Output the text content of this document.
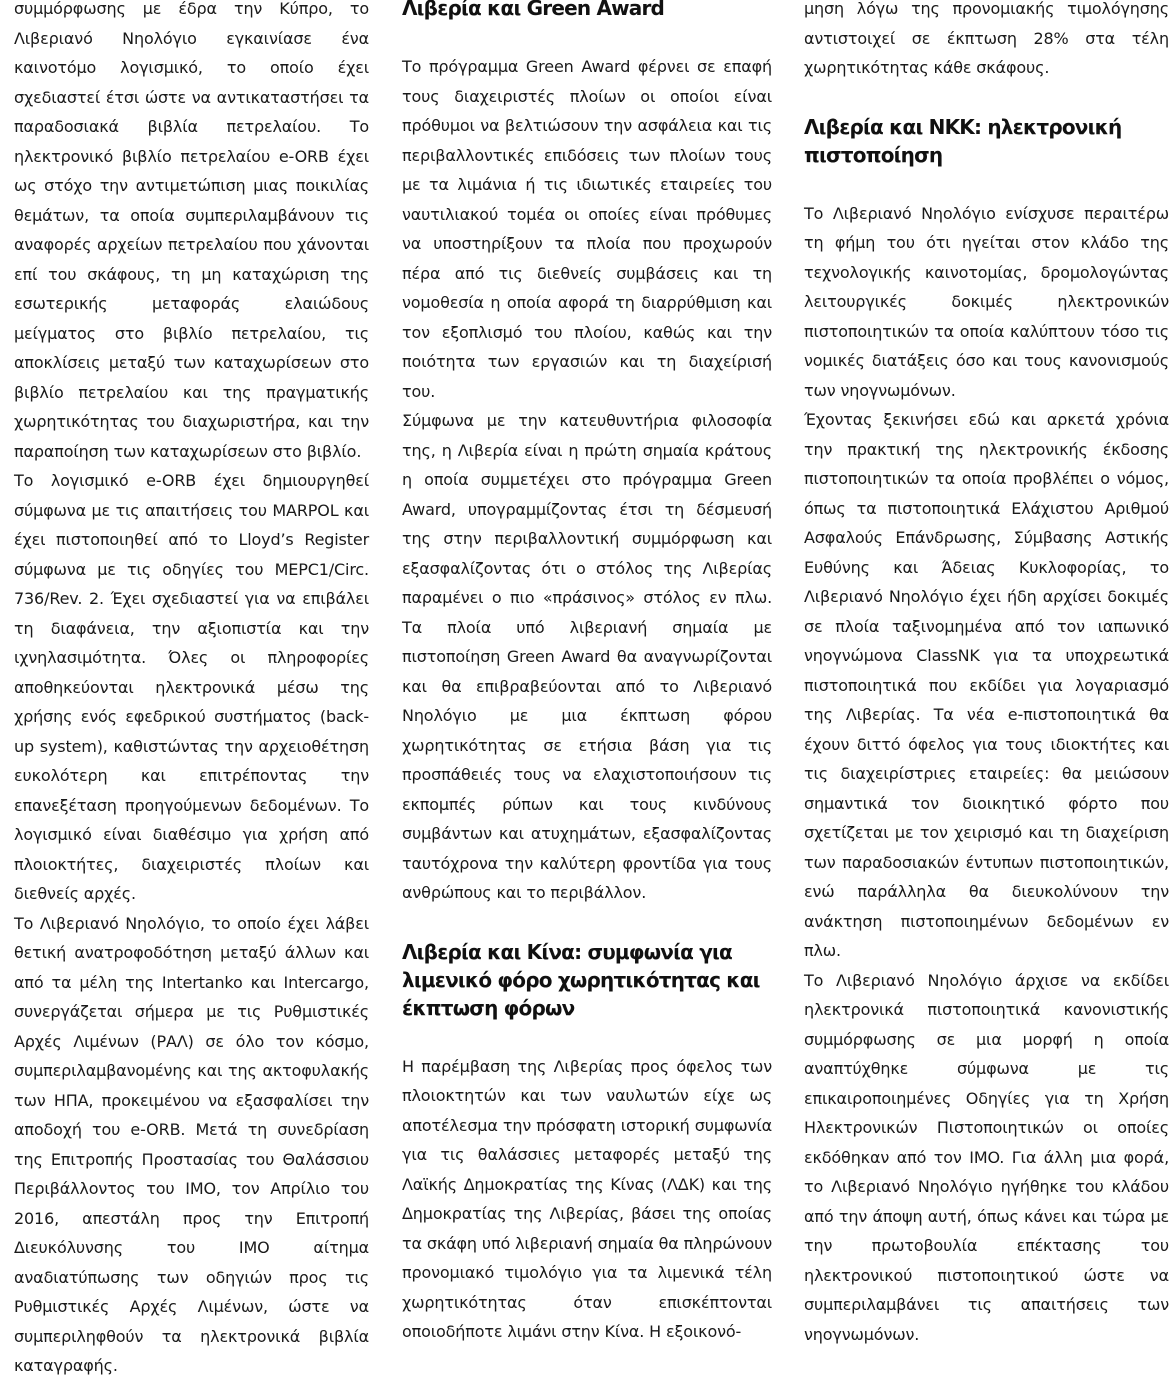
συμμόρφωσης με έδρα την Κύπρο, το Λιβεριανό Νηολόγιο εγκαινίασε ένα καινοτόμο λογισμικό, το οποίο έχει σχεδιαστεί έτσι ώστε να αντικαταστήσει τα παραδοσιακά βιβλία πετρελαίου. Το ηλεκτρονικό βιβλίο πετρελαίου e-ORB έχει ως στόχο την αντιμετώπιση μιας ποικιλίας θεμάτων, τα οποία συμπεριλαμβάνουν τις αναφορές αρχείων πετρελαίου που χάνονται επί του σκάφους, τη μη καταχώριση της εσωτερικής μεταφοράς ελαιώδους μείγματος στο βιβλίο πετρελαίου, τις αποκλίσεις μεταξύ των καταχωρίσεων στο βιβλίο πετρελαίου και της πραγματικής χωρητικότητας του διαχωριστήρα, και την παραποίηση των καταχωρίσεων στο βιβλίο.

Το λογισμικό e-ORB έχει δημιουργηθεί σύμφωνα με τις απαιτήσεις του MARPOL και έχει πιστοποιηθεί από το Lloyd’s Register σύμφωνα με τις οδηγίες του MEPC1/Circ. 736/Rev. 2. Έχει σχεδιαστεί για να επιβάλει τη διαφάνεια, την αξιοπιστία και την ιχνηλασιμότητα. Όλες οι πληροφορίες αποθηκεύονται ηλεκτρονικά μέσω της χρήσης ενός εφεδρικού συστήματος (back-up system), καθιστώντας την αρχειοθέτηση ευκολότερη και επιτρέποντας την επανεξέταση προηγούμενων δεδομένων. Το λογισμικό είναι διαθέσιμο για χρήση από πλοιοκτήτες, διαχειριστές πλοίων και διεθνείς αρχές.

Το Λιβεριανό Νηολόγιο, το οποίο έχει λάβει θετική ανατροφοδότηση μεταξύ άλλων και από τα μέλη της Intertanko και Intercargo, συνεργάζεται σήμερα με τις Ρυθμιστικές Αρχές Λιμένων (ΡΑΛ) σε όλο τον κόσμο, συμπεριλαμβανομένης και της ακτοφυλακής των ΗΠΑ, προκειμένου να εξασφαλίσει την αποδοχή του e-ORB. Μετά τη συνεδρίαση της Επιτροπής Προστασίας του Θαλάσσιου Περιβάλλοντος του IMO, τον Απρίλιο του 2016, απεστάλη προς την Επιτροπή Διευκόλυνσης του IMO αίτημα αναδιατύπωσης των οδηγιών προς τις Ρυθμιστικές Αρχές Λιμένων, ώστε να συμπεριληφθούν τα ηλεκτρονικά βιβλία καταγραφής.

Λιβερία και Green Award

Το πρόγραμμα Green Award φέρνει σε επαφή τους διαχειριστές πλοίων οι οποίοι είναι πρόθυμοι να βελτιώσουν την ασφάλεια και τις περιβαλλοντικές επιδόσεις των πλοίων τους με τα λιμάνια ή τις ιδιωτικές εταιρείες του ναυτιλιακού τομέα οι οποίες είναι πρόθυμες να υποστηρίξουν τα πλοία που προχωρούν πέρα από τις διεθνείς συμβάσεις και τη νομοθεσία η οποία αφορά τη διαρρύθμιση και τον εξοπλισμό του πλοίου, καθώς και την ποιότητα των εργασιών και τη διαχείρισή του.

Σύμφωνα με την κατευθυντήρια φιλοσοφία της, η Λιβερία είναι η πρώτη σημαία κράτους η οποία συμμετέχει στο πρόγραμμα Green Award, υπογραμμίζοντας έτσι τη δέσμευσή της στην περιβαλλοντική συμμόρφωση και εξασφαλίζοντας ότι ο στόλος της Λιβερίας παραμένει ο πιο «πράσινος» στόλος εν πλω. Τα πλοία υπό λιβεριανή σημαία με πιστοποίηση Green Award θα αναγνωρίζονται και θα επιβραβεύονται από το Λιβεριανό Νηολόγιο με μια έκπτωση φόρου χωρητικότητας σε ετήσια βάση για τις προσπάθειές τους να ελαχιστοποιήσουν τις εκπομπές ρύπων και τους κινδύνους συμβάντων και ατυχημάτων, εξασφαλίζοντας ταυτόχρονα την καλύτερη φροντίδα για τους ανθρώπους και το περιβάλλον.

Λιβερία και Κίνα: συμφωνία για λιμενικό φόρο χωρητικότητας και έκπτωση φόρων

Η παρέμβαση της Λιβερίας προς όφελος των πλοιοκτητών και των ναυλωτών είχε ως αποτέλεσμα την πρόσφατη ιστορική συμφωνία για τις θαλάσσιες μεταφορές μεταξύ της Λαϊκής Δημοκρατίας της Κίνας (ΛΔΚ) και της Δημοκρατίας της Λιβερίας, βάσει της οποίας τα σκάφη υπό λιβεριανή σημαία θα πληρώνουν προνομιακό τιμολόγιο για τα λιμενικά τέλη χωρητικότητας όταν επισκέπτονται οποιοδήποτε λιμάνι στην Κίνα. Η εξοικονό-

μηση λόγω της προνομιακής τιμολόγησης αντιστοιχεί σε έκπτωση 28% στα τέλη χωρητικότητας κάθε σκάφους.

Λιβερία και NKK: ηλεκτρονική πιστοποίηση

Το Λιβεριανό Νηολόγιο ενίσχυσε περαιτέρω τη φήμη του ότι ηγείται στον κλάδο της τεχνολογικής καινοτομίας, δρομολογώντας λειτουργικές δοκιμές ηλεκτρονικών πιστοποιητικών τα οποία καλύπτουν τόσο τις νομικές διατάξεις όσο και τους κανονισμούς των νηογνωμόνων.

Έχοντας ξεκινήσει εδώ και αρκετά χρόνια την πρακτική της ηλεκτρονικής έκδοσης πιστοποιητικών τα οποία προβλέπει ο νόμος, όπως τα πιστοποιητικά Ελάχιστου Αριθμού Ασφαλούς Επάνδρωσης, Σύμβασης Αστικής Ευθύνης και Άδειας Κυκλοφορίας, το Λιβεριανό Νηολόγιο έχει ήδη αρχίσει δοκιμές σε πλοία ταξινομημένα από τον ιαπωνικό νηογνώμονα ClassNK για τα υποχρεωτικά πιστοποιητικά που εκδίδει για λογαριασμό της Λιβερίας. Τα νέα e-πιστοποιητικά θα έχουν διττό όφελος για τους ιδιοκτήτες και τις διαχειρίστριες εταιρείες: θα μειώσουν σημαντικά τον διοικητικό φόρτο που σχετίζεται με τον χειρισμό και τη διαχείριση των παραδοσιακών έντυπων πιστοποιητικών, ενώ παράλληλα θα διευκολύνουν την ανάκτηση πιστοποιημένων δεδομένων εν πλω.

Το Λιβεριανό Νηολόγιο άρχισε να εκδίδει ηλεκτρονικά πιστοποιητικά κανονιστικής συμμόρφωσης σε μια μορφή η οποία αναπτύχθηκε σύμφωνα με τις επικαιροποιημένες Οδηγίες για τη Χρήση Ηλεκτρονικών Πιστοποιητικών οι οποίες εκδόθηκαν από τον IMO. Για άλλη μια φορά, το Λιβεριανό Νηολόγιο ηγήθηκε του κλάδου από την άποψη αυτή, όπως κάνει και τώρα με την πρωτοβουλία επέκτασης του ηλεκτρονικού πιστοποιητικού ώστε να συμπεριλαμβάνει τις απαιτήσεις των νηογνωμόνων.
